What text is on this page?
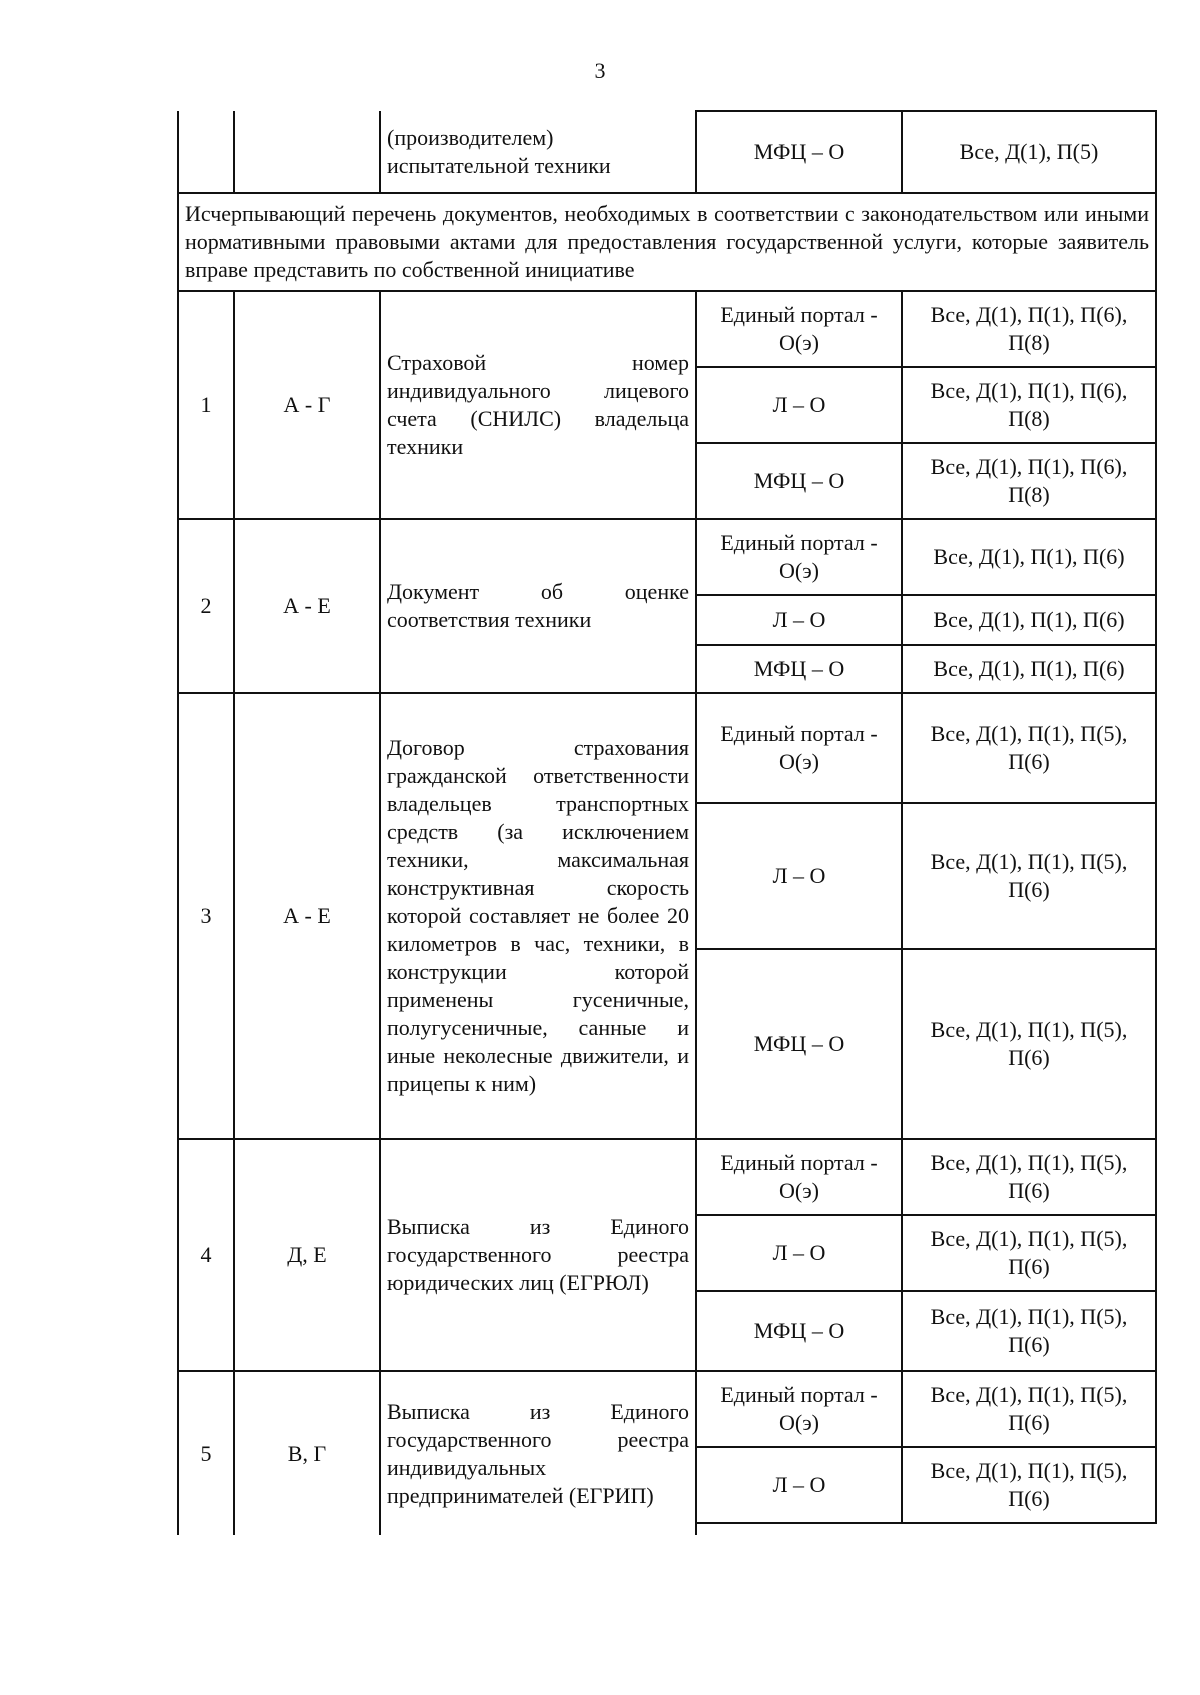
3
		(производителем) испытательной техники	МФЦ – О	Все, Д(1), П(5)
Исчерпывающий перечень документов, необходимых в соответствии с законодательством или иными нормативными правовыми актами для предоставления государственной услуги, которые заявитель вправе представить по собственной инициативе				
1	А - Г	Страховой номер индивидуального лицевого счета (СНИЛС) владельца техники	Единый портал - О(э)	Все, Д(1), П(1), П(6), П(8)
			Л – О	Все, Д(1), П(1), П(6), П(8)
			МФЦ – О	Все, Д(1), П(1), П(6), П(8)
2	А - Е	Документ об оценке соответствия техники	Единый портал - О(э)	Все, Д(1), П(1), П(6)
			Л – О	Все, Д(1), П(1), П(6)
			МФЦ – О	Все, Д(1), П(1), П(6)
3	А - Е	Договор страхования гражданской ответственности владельцев транспортных средств (за исключением техники, максимальная конструктивная скорость которой составляет не более 20 километров в час, техники, в конструкции которой применены гусеничные, полугусеничные, санные и иные неколесные движители, и прицепы к ним)	Единый портал - О(э)	Все, Д(1), П(1), П(5), П(6)
			Л – О	Все, Д(1), П(1), П(5), П(6)
			МФЦ – О	Все, Д(1), П(1), П(5), П(6)
4	Д, Е	Выписка из Единого государственного реестра юридических лиц (ЕГРЮЛ)	Единый портал - О(э)	Все, Д(1), П(1), П(5), П(6)
			Л – О	Все, Д(1), П(1), П(5), П(6)
			МФЦ – О	Все, Д(1), П(1), П(5), П(6)
5	В, Г	Выписка из Единого государственного реестра индивидуальных предпринимателей (ЕГРИП)	Единый портал - О(э)	Все, Д(1), П(1), П(5), П(6)
			Л – О	Все, Д(1), П(1), П(5), П(6)
